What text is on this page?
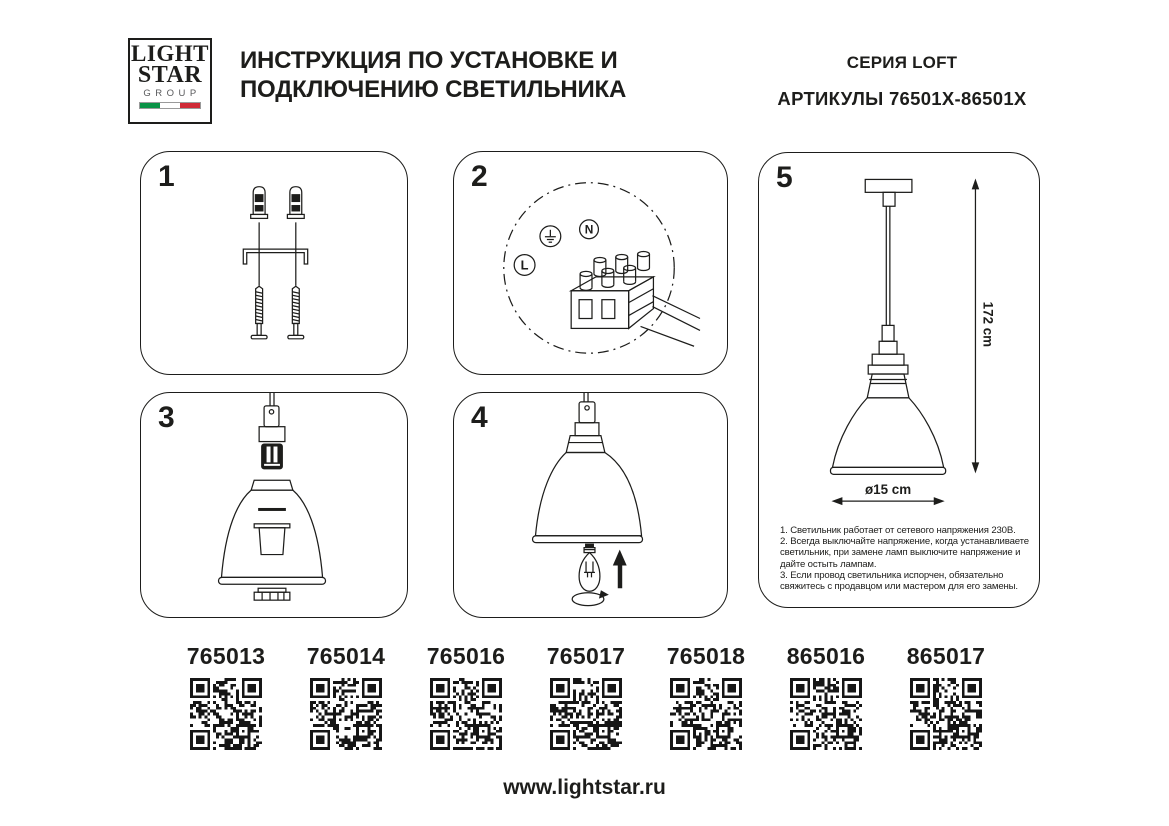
LIGHT
STAR
GROUP
ИНСТРУКЦИЯ ПО УСТАНОВКЕ И
ПОДКЛЮЧЕНИЮ СВЕТИЛЬНИКА
СЕРИЯ LOFT
АРТИКУЛЫ 76501X-86501X
1	2
L
N
3	4
5
ø15 cm
172 cm
1. Светильник работает от сетевого напряжения 230В.
2. Всегда выключайте напряжение, когда устанавливаете светильник, при замене ламп выключите напряжение и дайте остыть лампам.
3. Если провод светильника испорчен, обязательно свяжитесь с продавцом или мастером для его замены.
765013	765014	765016	765017	765018	865016	865017
www.lightstar.ru
